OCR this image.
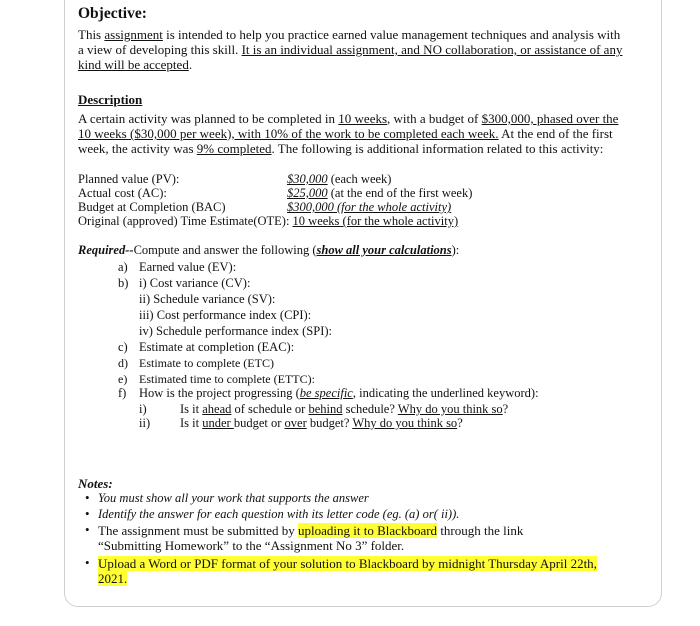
Objective:
This assignment is intended to help you practice earned value management techniques and analysis with
a view of developing this skill. It is an individual assignment, and NO collaboration, or assistance of any
kind will be accepted.
Description
A certain activity was planned to be completed in 10 weeks, with a budget of $300,000, phased over the
10 weeks ($30,000 per week), with 10% of the work to be completed each week. At the end of the first
week, the activity was 9% completed. The following is additional information related to this activity:
Planned value (PV):	$30,000 (each week)
Actual cost (AC):	$25,000 (at the end of the first week)
Budget at Completion (BAC)	$300,000 (for the whole activity)
Original (approved) Time Estimate(OTE): 10 weeks (for the whole activity)
Required--Compute and answer the following (show all your calculations):
a) Earned value (EV):
b) i) Cost variance (CV):
ii) Schedule variance (SV):
iii) Cost performance index (CPI):
iv) Schedule performance index (SPI):
c) Estimate at completion (EAC):
d) Estimate to complete (ETC)
e) Estimated time to complete (ETTC):
f) How is the project progressing (be specific, indicating the underlined keyword):
i)	Is it ahead of schedule or behind schedule? Why do you think so?
ii) Is it under budget or over budget? Why do you think so?
Notes:
• You must show all your work that supports the answer
• Identify the answer for each question with its letter code (eg. (a) or( ii)).
• The assignment must be submitted by uploading it to Blackboard through the link
“Submitting Homework” to the “Assignment No 3” folder.
• Upload a Word or PDF format of your solution to Blackboard by midnight Thursday April 22th,
2021.
